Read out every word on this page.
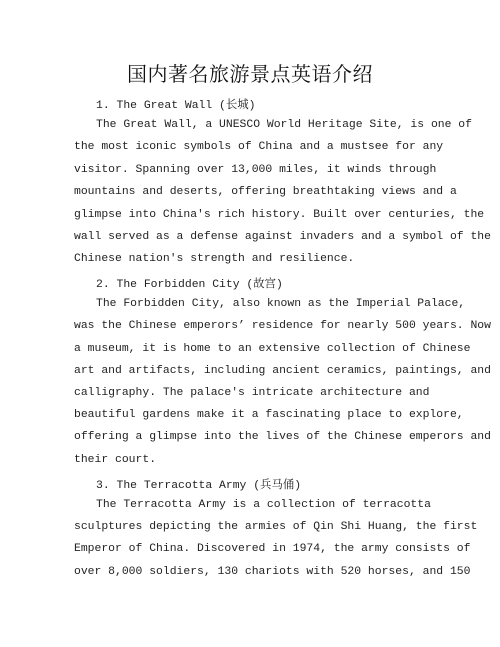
国内著名旅游景点英语介绍
1. The Great Wall (长城)
The Great Wall, a UNESCO World Heritage Site, is one of
the most iconic symbols of China and a mustsee for any
visitor. Spanning over 13,000 miles, it winds through
mountains and deserts, offering breathtaking views and a
glimpse into China's rich history. Built over centuries, the
wall served as a defense against invaders and a symbol of the
Chinese nation's strength and resilience.
2. The Forbidden City (故宫)
The Forbidden City, also known as the Imperial Palace,
was the Chinese emperors’ residence for nearly 500 years. Now
a museum, it is home to an extensive collection of Chinese
art and artifacts, including ancient ceramics, paintings, and
calligraphy. The palace's intricate architecture and
beautiful gardens make it a fascinating place to explore,
offering a glimpse into the lives of the Chinese emperors and
their court.
3. The Terracotta Army (兵马俑)
The Terracotta Army is a collection of terracotta
sculptures depicting the armies of Qin Shi Huang, the first
Emperor of China. Discovered in 1974, the army consists of
over 8,000 soldiers, 130 chariots with 520 horses, and 150
